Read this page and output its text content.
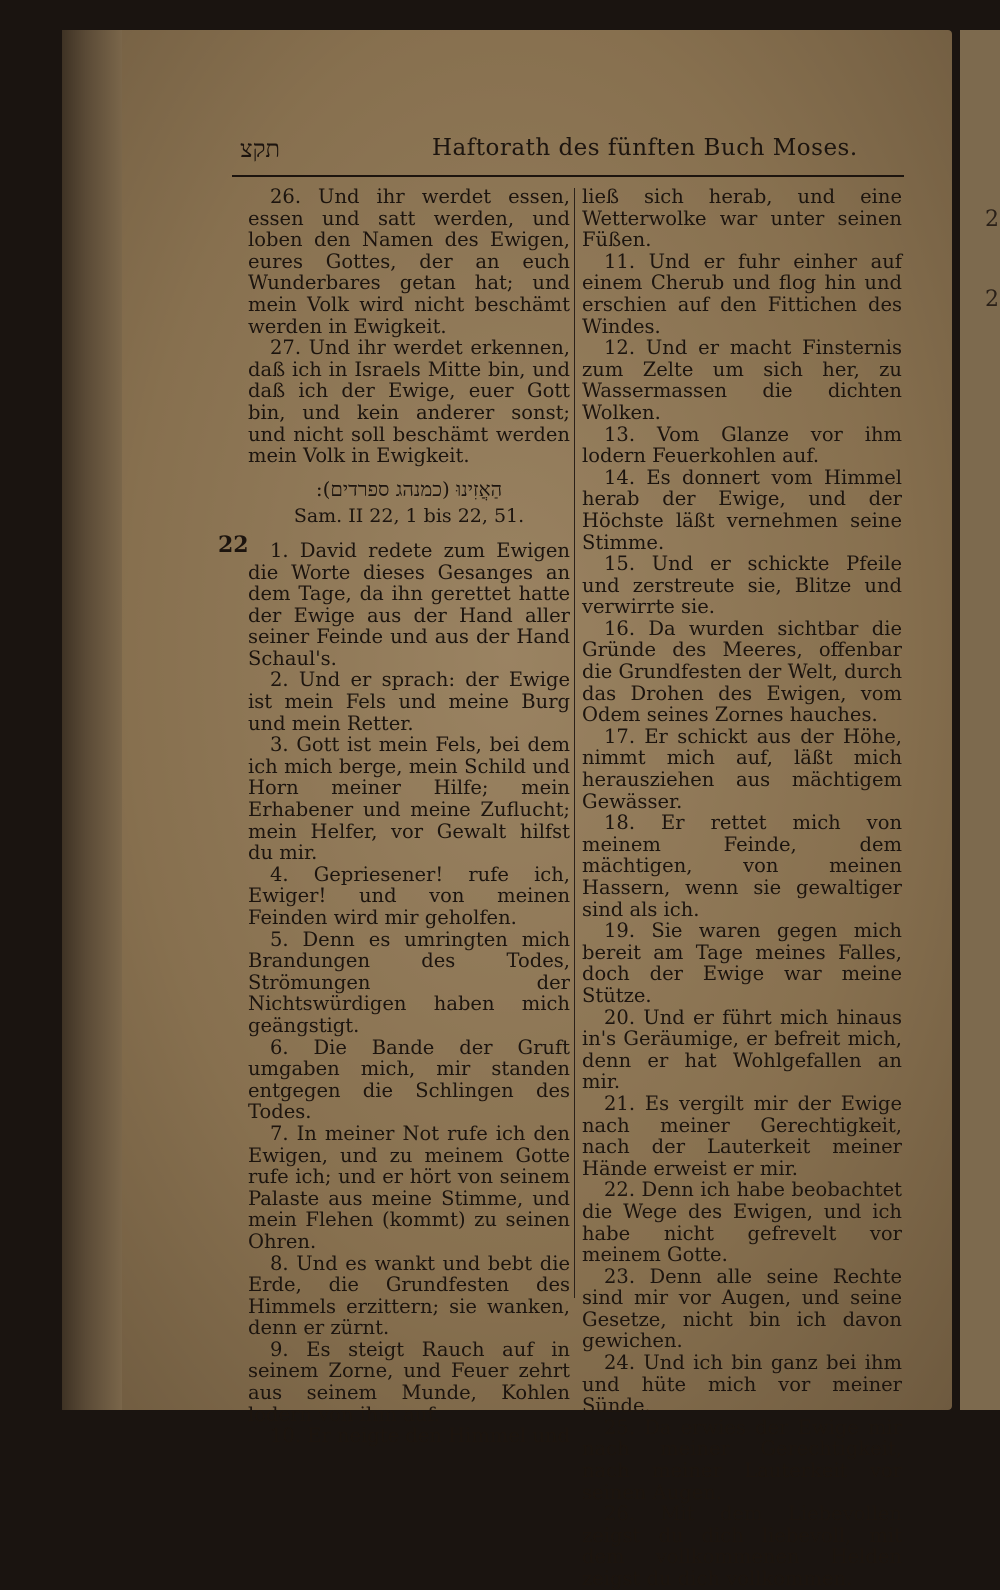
2
2
תקצ	Haftorath des fünften Buch Moses.
22

26. Und ihr werdet essen, essen und satt werden, und loben den Namen des Ewigen, eures Gottes, der an euch Wunderbares getan hat; und mein Volk wird nicht beschämt werden in Ewigkeit.

27. Und ihr werdet erkennen, daß ich in Israels Mitte bin, und daß ich der Ewige, euer Gott bin, und kein anderer sonst; und nicht soll beschämt werden mein Volk in Ewigkeit.

הַאֲזִינוּ (כמנהג ספרדים):
Sam. II 22, 1 bis 22, 51.

1. David redete zum Ewigen die Worte dieses Gesanges an dem Tage, da ihn gerettet hatte der Ewige aus der Hand aller seiner Feinde und aus der Hand Schaul's.

2. Und er sprach: der Ewige ist mein Fels und meine Burg und mein Retter.

3. Gott ist mein Fels, bei dem ich mich berge, mein Schild und Horn meiner Hilfe; mein Erhabener und meine Zuflucht; mein Helfer, vor Gewalt hilfst du mir.

4. Gepriesener! rufe ich, Ewiger! und von meinen Feinden wird mir geholfen.

5. Denn es umringten mich Brandungen des Todes, Strömungen der Nichtswürdigen haben mich geängstigt.

6. Die Bande der Gruft umgaben mich, mir standen entgegen die Schlingen des Todes.

7. In meiner Not rufe ich den Ewigen, und zu meinem Gotte rufe ich; und er hört von seinem Palaste aus meine Stimme, und mein Flehen (kommt) zu seinen Ohren.

8. Und es wankt und bebt die Erde, die Grundfesten des Himmels erzittern; sie wanken, denn er zürnt.

9. Es steigt Rauch auf in seinem Zorne, und Feuer zehrt aus seinem Munde, Kohlen lodern von ihm auf.

10. Er neigte den Himmel und

ließ sich herab, und eine Wetterwolke war unter seinen Füßen.

11. Und er fuhr einher auf einem Cherub und flog hin und erschien auf den Fittichen des Windes.

12. Und er macht Finsternis zum Zelte um sich her, zu Wassermassen die dichten Wolken.

13. Vom Glanze vor ihm lodern Feuerkohlen auf.

14. Es donnert vom Himmel herab der Ewige, und der Höchste läßt vernehmen seine Stimme.

15. Und er schickte Pfeile und zerstreute sie, Blitze und verwirrte sie.

16. Da wurden sichtbar die Gründe des Meeres, offenbar die Grundfesten der Welt, durch das Drohen des Ewigen, vom Odem seines Zornes hauches.

17. Er schickt aus der Höhe, nimmt mich auf, läßt mich herausziehen aus mächtigem Gewässer.

18. Er rettet mich von meinem Feinde, dem mächtigen, von meinen Hassern, wenn sie gewaltiger sind als ich.

19. Sie waren gegen mich bereit am Tage meines Falles, doch der Ewige war meine Stütze.

20. Und er führt mich hinaus in's Geräumige, er befreit mich, denn er hat Wohlgefallen an mir.

21. Es vergilt mir der Ewige nach meiner Gerechtigkeit, nach der Lauterkeit meiner Hände erweist er mir.

22. Denn ich habe beobachtet die Wege des Ewigen, und ich habe nicht gefrevelt vor meinem Gotte.

23. Denn alle seine Rechte sind mir vor Augen, und seine Gesetze, nicht bin ich davon gewichen.

24. Und ich bin ganz bei ihm und hüte mich vor meiner Sünde.

25. Da erwies der Ewige mir nach meiner Gerechtigkeit, nach meiner Lauterkeit vor seinen Augen.

26. Mit dem Liebevollen zeigst du dich liebevoll, mit dem vollkommenen Helden zeigst du dich vollkommen.
